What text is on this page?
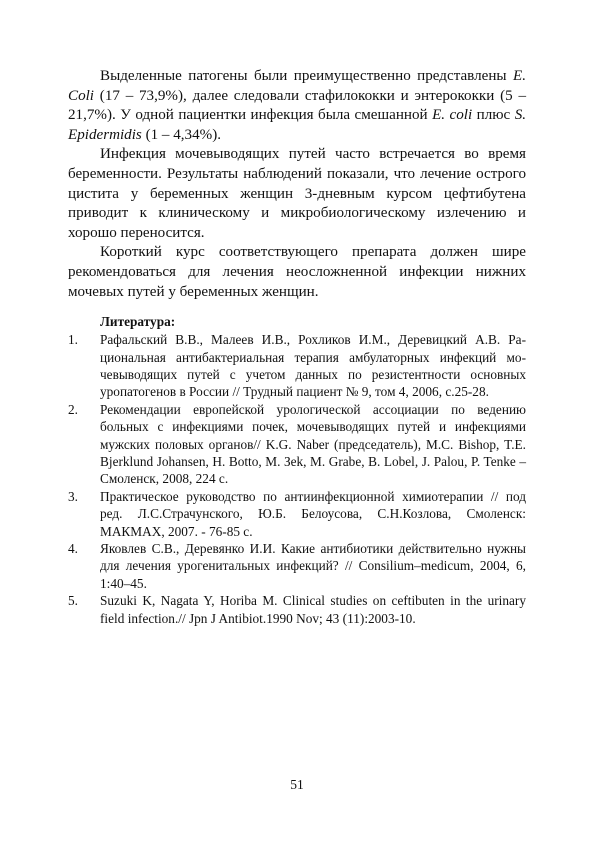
Выделенные патогены были преимущественно представлены E. Coli (17 – 73,9%), далее следовали стафилококки и энтерококки (5 – 21,7%). У одной пациентки инфекция была смешанной E. coli плюс S. Epidermidis (1 – 4,34%).

Инфекция мочевыводящих путей часто встречается во время беременности. Результаты наблюдений показали, что лечение острого цистита у беременных женщин 3-дневным курсом цефтибутена приводит к клиническому и микробиологическому излечению и хорошо переносится.

Короткий курс соответствующего препарата должен шире рекомендоваться для лечения неосложненной инфекции нижних мочевых путей у беременных женщин.

Литература:
1. Рафальский В.В., Малеев И.В., Рохликов И.М., Деревицкий А.В. Рациональная антибактериальная терапия амбулаторных инфекций мочевыводящих путей с учетом данных по резистентности основных уропатогенов в России // Трудный пациент № 9, том 4, 2006, с.25-28.
2. Рекомендации европейской урологической ассоциации по ведению больных с инфекциями почек, мочевыводящих путей и инфекциями мужских половых органов// K.G. Naber (председатель), M.C. Bishop, T.E. Bjerklund Johansen, H. Botto, M. Зek, M. Grabe, B. Lobel, J. Palou, P. Tenke – Смоленск, 2008, 224 с.
3. Практическое руководство по антиинфекционной химиотерапии // под ред. Л.С.Страчунского, Ю.Б. Белоусова, С.Н.Козлова, Смоленск: МАКМАХ, 2007. - 76-85 с.
4. Яковлев С.В., Деревянко И.И. Какие антибиотики действительно нужны для лечения урогенитальных инфекций? // Consilium–medicum, 2004, 6, 1:40–45.
5. Suzuki K, Nagata Y, Horiba M. Clinical studies on ceftibuten in the urinary field infection.// Jpn J Antibiot.1990 Nov; 43 (11):2003-10.
51
